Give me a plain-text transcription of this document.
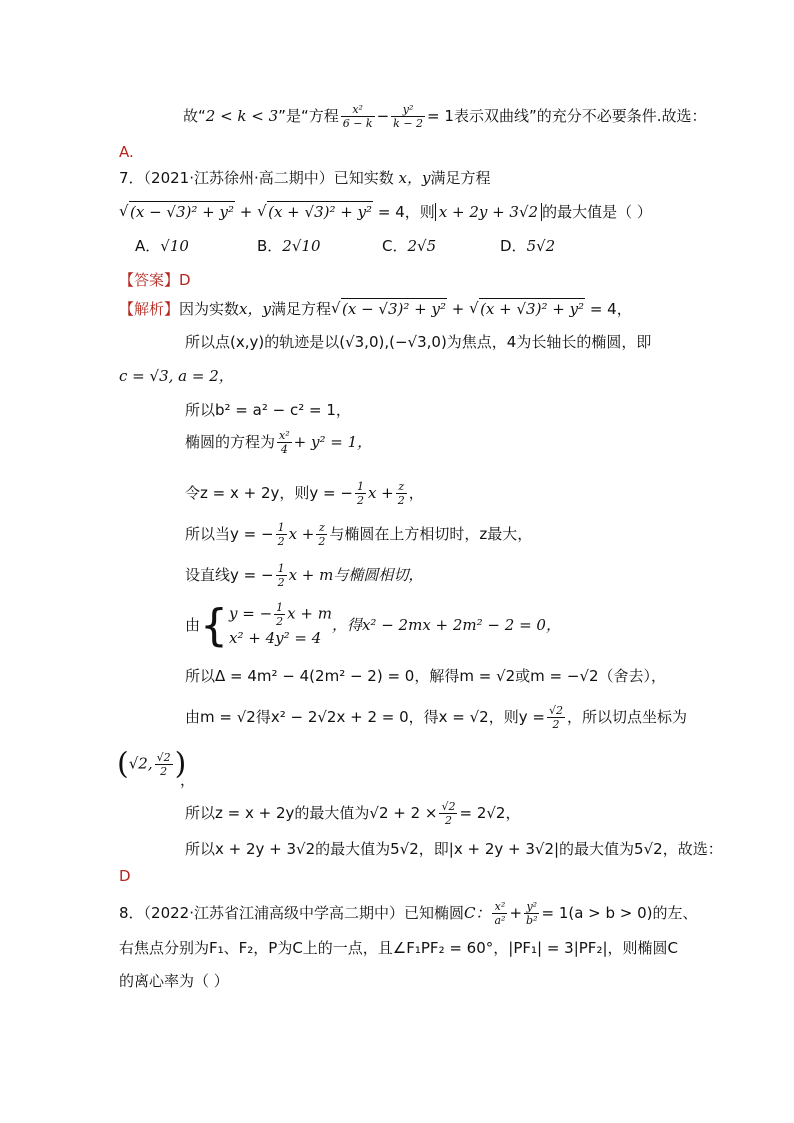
故“2 < k < 3”是“方程 $\frac{\text{x²}}{6 - k} - \frac{\text{y²}}{k - 2} = 1$表示双曲线”的充分不必要条件.故选：
A.
7．（2021·江苏徐州·高二期中）已知实数 x，y满足方程
√ (x − √3)² + y² + √ (x + √3)² + y² = 4，则 x + 2y + 3√2 的最大值是（ ）
A．√10	B．2√10	C．2√5	D．5√2
【答案】D
【解析】因为实数x，y满足方程√ (x − √3)² + y² + √ (x + √3)² + y² = 4，
所以点(x,y)的轨迹是以(√3,0),(−√3,0)为焦点，4为长轴长的椭圆，即
c = √3, a = 2，
所以b² = a² − c² = 1，
椭圆的方程为 $\frac{\text{x²}}{4} + y^2 = 1$，
令z = x + 2y，则y = − $\frac{1}{2}$ $x + \frac{z}{2}$ ，
所以当y = − $\frac{1}{2}$ $x + \frac{z}{2}$ 与椭圆在上方相切时，z最大，
设直线y = − $\frac{1}{2}$ x + m与椭圆相切，
由{ y = − $\frac{1}{2}$ x + m
x² + 4y² = 4
，得x² − 2mx + 2m² − 2 = 0，
所以Δ = 4m² − 4(2m² − 2) = 0，解得m = √2或m = −√2（舍去），
由m = √2得x² − 2√2x + 2 = 0，得x = √2，则$y = \frac{√2}{2}$ ，所以切点坐标为
(√2, $\frac{√2}{2}$ )
，
所以z = x + 2y的最大值为$√2 + 2 \times \frac{√2}{2} = 2√2$，
所以x + 2y + 3√2的最大值为5√2，即|x + 2y + 3√2|的最大值为5√2，故选：
D
8．（2022·江苏省江浦高级中学高二期中）已知椭圆C： $\frac{\text{x²}}{\text{a²}} + \frac{\text{y²}}{\text{b²}} = 1(a > b > 0)$的左、
右焦点分别为F₁、F₂，P为C上的一点，且∠F₁PF₂ = 60°，|PF₁| = 3|PF₂|，则椭圆C
的离心率为（ ）
